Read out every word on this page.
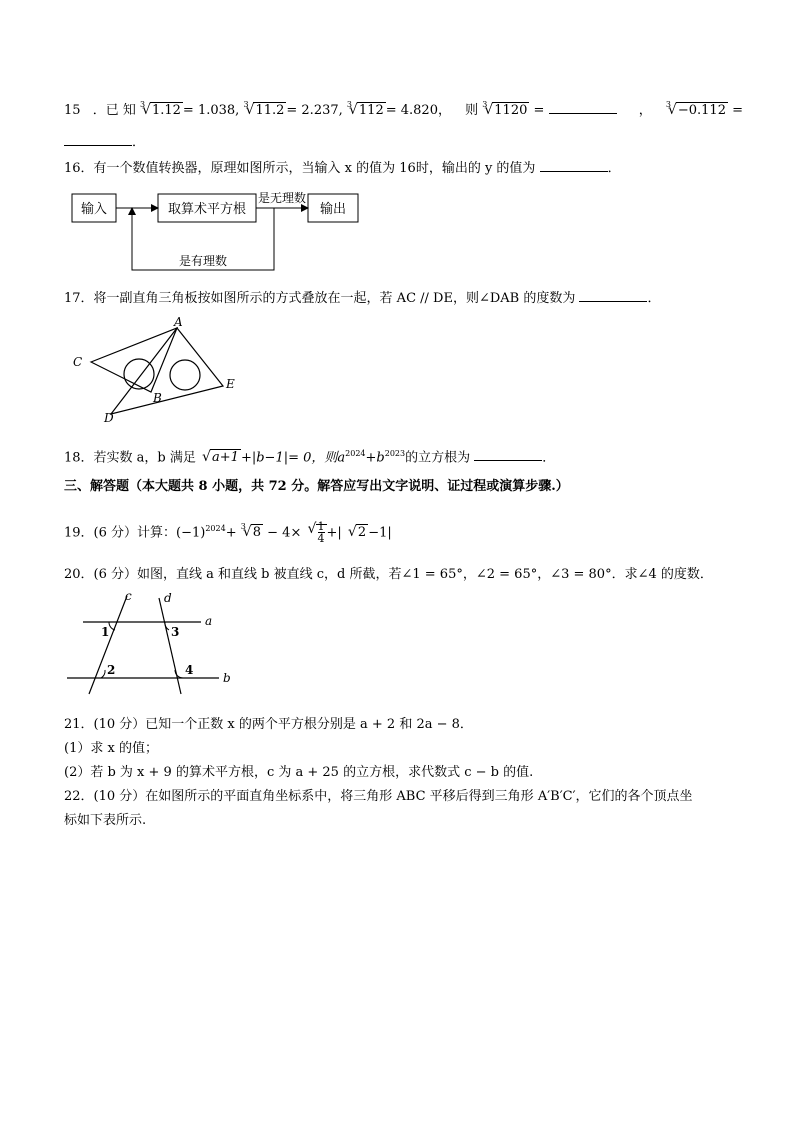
15 ．已 知 √ 3 1.12 = 1.038, √ 3 11.2 = 2.237, √ 3 112 = 4.820， 则 √ 3 1120 =	， √ 3 −0.112 =
．
16．有一个数值转换器，原理如图所示，当输入 x 的值为 16时，输出的 y 的值为	．
输入	取算术平方根
是无理数
输出
是有理数
17．将一副直角三角板按如图所示的方式叠放在一起，若 AC // DE，则∠DAB 的度数为	．
A
C
B
E
D
18．若实数 a，b 满足 √ a+1 +|b−1|= 0，则$a^{2024}+b^{2023}$的立方根为	．
三、解答题（本大题共 8 小题，共 72 分。解答应写出文字说明、证过程或演算步骤.）
19．(6 分）计算：$(-1)^{2024}+$ √ 3 8 − 4× √ $\frac{1}{4}$ +| √ 2 −1|
20．(6 分）如图，直线 a 和直线 b 被直线 c，d 所截，若∠1 = 65°，∠2 = 65°，∠3 = 80°．求∠4 的度数．
c	d
a
b
1	3
2	4
21．(10 分）已知一个正数 x 的两个平方根分别是 a + 2 和 2a − 8．
(1）求 x 的值；
(2）若 b 为 x + 9 的算术平方根，c 为 a + 25 的立方根，求代数式 c − b 的值.
22．(10 分）在如图所示的平面直角坐标系中，将三角形 ABC 平移后得到三角形 A′B′C′，它们的各个顶点坐
标如下表所示.
